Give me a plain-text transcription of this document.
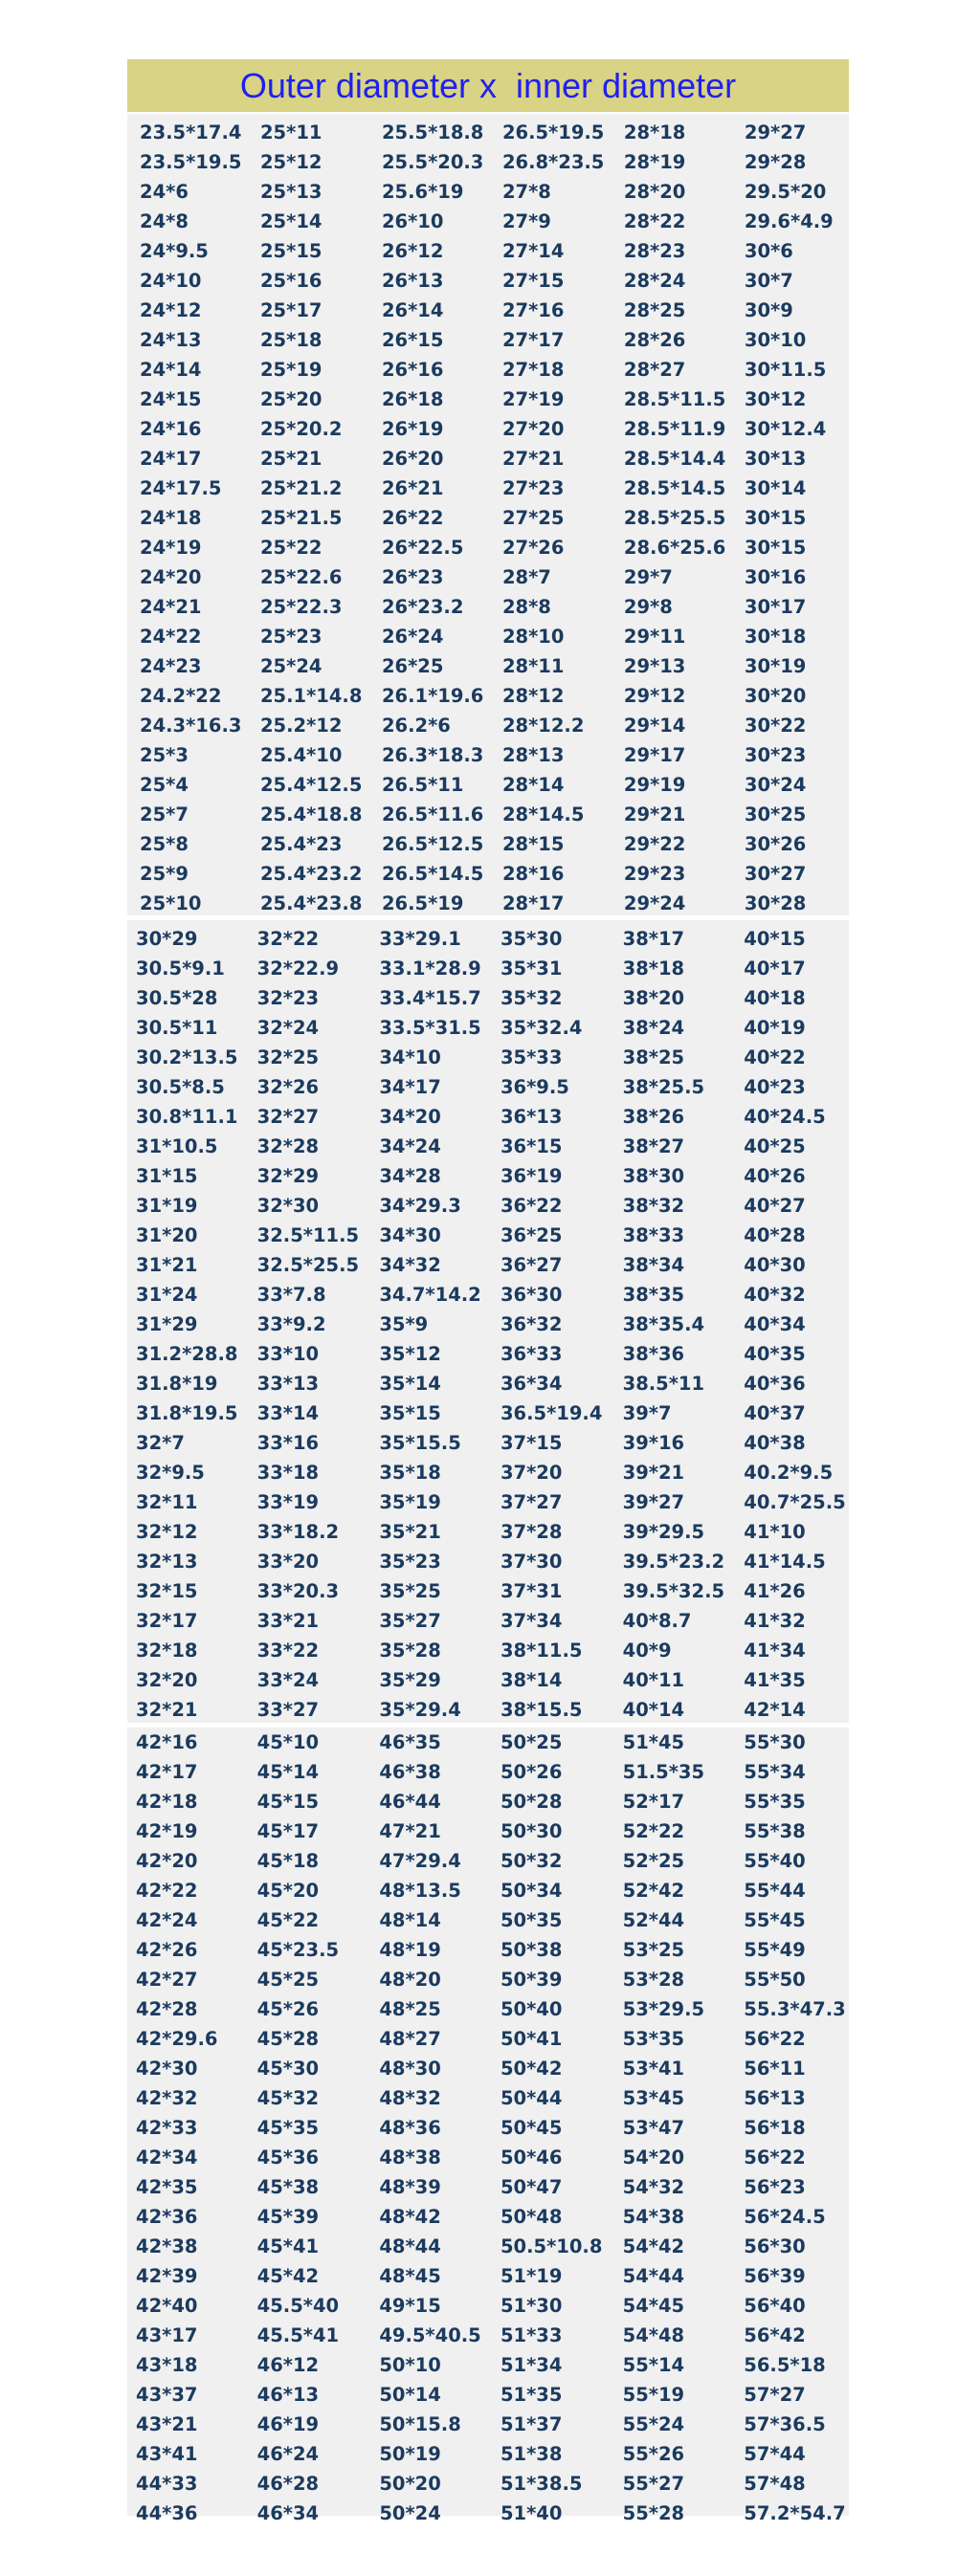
Outer diameter x  inner diameter
23.5*17.4	25*11	25.5*18.8	26.5*19.5	28*18	29*27
23.5*19.5	25*12	25.5*20.3	26.8*23.5	28*19	29*28
24*6	25*13	25.6*19	27*8	28*20	29.5*20
24*8	25*14	26*10	27*9	28*22	29.6*4.9
24*9.5	25*15	26*12	27*14	28*23	30*6
24*10	25*16	26*13	27*15	28*24	30*7
24*12	25*17	26*14	27*16	28*25	30*9
24*13	25*18	26*15	27*17	28*26	30*10
24*14	25*19	26*16	27*18	28*27	30*11.5
24*15	25*20	26*18	27*19	28.5*11.5	30*12
24*16	25*20.2	26*19	27*20	28.5*11.9	30*12.4
24*17	25*21	26*20	27*21	28.5*14.4	30*13
24*17.5	25*21.2	26*21	27*23	28.5*14.5	30*14
24*18	25*21.5	26*22	27*25	28.5*25.5	30*15
24*19	25*22	26*22.5	27*26	28.6*25.6	30*15
24*20	25*22.6	26*23	28*7	29*7	30*16
24*21	25*22.3	26*23.2	28*8	29*8	30*17
24*22	25*23	26*24	28*10	29*11	30*18
24*23	25*24	26*25	28*11	29*13	30*19
24.2*22	25.1*14.8	26.1*19.6	28*12	29*12	30*20
24.3*16.3	25.2*12	26.2*6	28*12.2	29*14	30*22
25*3	25.4*10	26.3*18.3	28*13	29*17	30*23
25*4	25.4*12.5	26.5*11	28*14	29*19	30*24
25*7	25.4*18.8	26.5*11.6	28*14.5	29*21	30*25
25*8	25.4*23	26.5*12.5	28*15	29*22	30*26
25*9	25.4*23.2	26.5*14.5	28*16	29*23	30*27
25*10	25.4*23.8	26.5*19	28*17	29*24	30*28
30*29	32*22	33*29.1	35*30	38*17	40*15
30.5*9.1	32*22.9	33.1*28.9	35*31	38*18	40*17
30.5*28	32*23	33.4*15.7	35*32	38*20	40*18
30.5*11	32*24	33.5*31.5	35*32.4	38*24	40*19
30.2*13.5	32*25	34*10	35*33	38*25	40*22
30.5*8.5	32*26	34*17	36*9.5	38*25.5	40*23
30.8*11.1	32*27	34*20	36*13	38*26	40*24.5
31*10.5	32*28	34*24	36*15	38*27	40*25
31*15	32*29	34*28	36*19	38*30	40*26
31*19	32*30	34*29.3	36*22	38*32	40*27
31*20	32.5*11.5	34*30	36*25	38*33	40*28
31*21	32.5*25.5	34*32	36*27	38*34	40*30
31*24	33*7.8	34.7*14.2	36*30	38*35	40*32
31*29	33*9.2	35*9	36*32	38*35.4	40*34
31.2*28.8	33*10	35*12	36*33	38*36	40*35
31.8*19	33*13	35*14	36*34	38.5*11	40*36
31.8*19.5	33*14	35*15	36.5*19.4	39*7	40*37
32*7	33*16	35*15.5	37*15	39*16	40*38
32*9.5	33*18	35*18	37*20	39*21	40.2*9.5
32*11	33*19	35*19	37*27	39*27	40.7*25.5
32*12	33*18.2	35*21	37*28	39*29.5	41*10
32*13	33*20	35*23	37*30	39.5*23.2	41*14.5
32*15	33*20.3	35*25	37*31	39.5*32.5	41*26
32*17	33*21	35*27	37*34	40*8.7	41*32
32*18	33*22	35*28	38*11.5	40*9	41*34
32*20	33*24	35*29	38*14	40*11	41*35
32*21	33*27	35*29.4	38*15.5	40*14	42*14
42*16	45*10	46*35	50*25	51*45	55*30
42*17	45*14	46*38	50*26	51.5*35	55*34
42*18	45*15	46*44	50*28	52*17	55*35
42*19	45*17	47*21	50*30	52*22	55*38
42*20	45*18	47*29.4	50*32	52*25	55*40
42*22	45*20	48*13.5	50*34	52*42	55*44
42*24	45*22	48*14	50*35	52*44	55*45
42*26	45*23.5	48*19	50*38	53*25	55*49
42*27	45*25	48*20	50*39	53*28	55*50
42*28	45*26	48*25	50*40	53*29.5	55.3*47.3
42*29.6	45*28	48*27	50*41	53*35	56*22
42*30	45*30	48*30	50*42	53*41	56*11
42*32	45*32	48*32	50*44	53*45	56*13
42*33	45*35	48*36	50*45	53*47	56*18
42*34	45*36	48*38	50*46	54*20	56*22
42*35	45*38	48*39	50*47	54*32	56*23
42*36	45*39	48*42	50*48	54*38	56*24.5
42*38	45*41	48*44	50.5*10.8	54*42	56*30
42*39	45*42	48*45	51*19	54*44	56*39
42*40	45.5*40	49*15	51*30	54*45	56*40
43*17	45.5*41	49.5*40.5	51*33	54*48	56*42
43*18	46*12	50*10	51*34	55*14	56.5*18
43*37	46*13	50*14	51*35	55*19	57*27
43*21	46*19	50*15.8	51*37	55*24	57*36.5
43*41	46*24	50*19	51*38	55*26	57*44
44*33	46*28	50*20	51*38.5	55*27	57*48
44*36	46*34	50*24	51*40	55*28	57.2*54.7
